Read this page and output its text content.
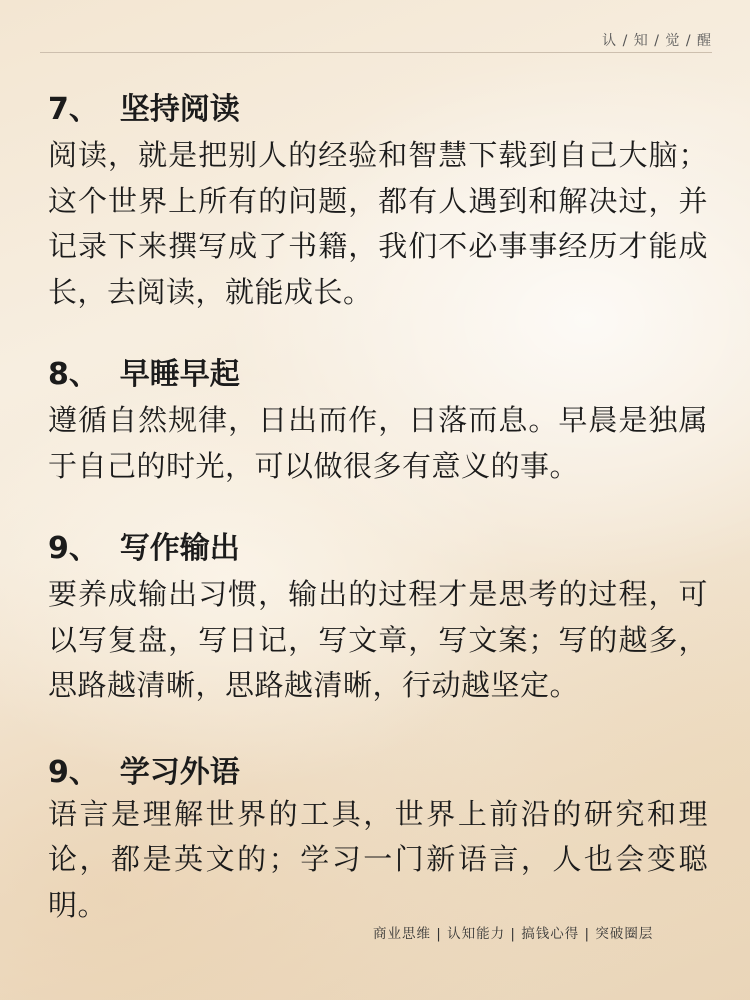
认 / 知 / 觉 / 醒
7、  坚持阅读

阅读，就是把别人的经验和智慧下载到自己大脑；这个世界上所有的问题，都有人遇到和解决过，并记录下来撰写成了书籍，我们不必事事经历才能成长，去阅读，就能成长。

8、  早睡早起

遵循自然规律，日出而作，日落而息。早晨是独属于自己的时光，可以做很多有意义的事。

9、  写作输出

要养成输出习惯，输出的过程才是思考的过程，可以写复盘，写日记，写文章，写文案；写的越多，思路越清晰，思路越清晰，行动越坚定。

9、  学习外语

语言是理解世界的工具，世界上前沿的研究和理论，都是英文的；学习一门新语言，人也会变聪明。

商业思维 | 认知能力 | 搞钱心得 | 突破圈层
